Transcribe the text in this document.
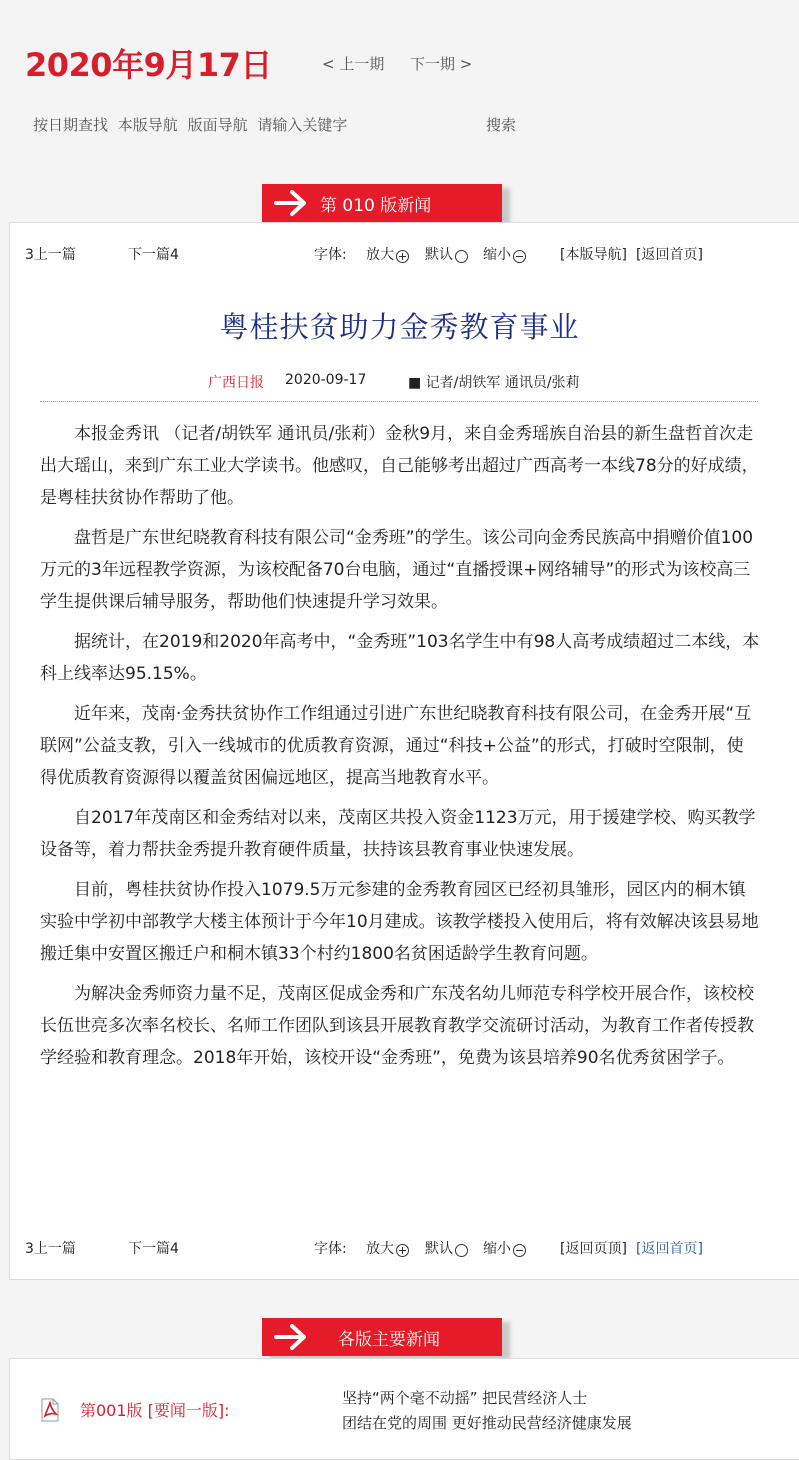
2020年9月17日	< 上一期 下一期 >
按日期查找 本版导航 版面导航 请输入关键字	搜索
第 010 版新闻
3上一篇	下一篇4	字体: 放大	默认	缩小	[本版导航] [返回首页]
粤桂扶贫助力金秀教育事业
广西日报 2020-09-17	■ 记者/胡铁军 通讯员/张莉

本报金秀讯 （记者/胡铁军 通讯员/张莉）金秋9月，来自金秀瑶族自治县的新生盘哲首次走出大瑶山，来到广东工业大学读书。他感叹，自己能够考出超过广西高考一本线78分的好成绩，是粤桂扶贫协作帮助了他。

盘哲是广东世纪晓教育科技有限公司“金秀班”的学生。该公司向金秀民族高中捐赠价值100万元的3年远程教学资源，为该校配备70台电脑，通过“直播授课+网络辅导”的形式为该校高三学生提供课后辅导服务，帮助他们快速提升学习效果。

据统计，在2019和2020年高考中，“金秀班”103名学生中有98人高考成绩超过二本线，本科上线率达95.15%。

近年来，茂南·金秀扶贫协作工作组通过引进广东世纪晓教育科技有限公司，在金秀开展“互联网”公益支教，引入一线城市的优质教育资源，通过“科技+公益”的形式，打破时空限制，使得优质教育资源得以覆盖贫困偏远地区，提高当地教育水平。

自2017年茂南区和金秀结对以来，茂南区共投入资金1123万元，用于援建学校、购买教学设备等，着力帮扶金秀提升教育硬件质量，扶持该县教育事业快速发展。

目前，粤桂扶贫协作投入1079.5万元参建的金秀教育园区已经初具雏形，园区内的桐木镇实验中学初中部教学大楼主体预计于今年10月建成。该教学楼投入使用后，将有效解决该县易地搬迁集中安置区搬迁户和桐木镇33个村约1800名贫困适龄学生教育问题。

为解决金秀师资力量不足，茂南区促成金秀和广东茂名幼儿师范专科学校开展合作，该校校长伍世亮多次率名校长、名师工作团队到该县开展教育教学交流研讨活动，为教育工作者传授教学经验和教育理念。2018年开始，该校开设“金秀班”，免费为该县培养90名优秀贫困学子。

3上一篇	下一篇4	字体: 放大	默认	缩小	[返回页顶] [返回首页]
各版主要新闻
第001版 [要闻一版]:
坚持“两个毫不动摇” 把民营经济人士
团结在党的周围 更好推动民营经济健康发展
